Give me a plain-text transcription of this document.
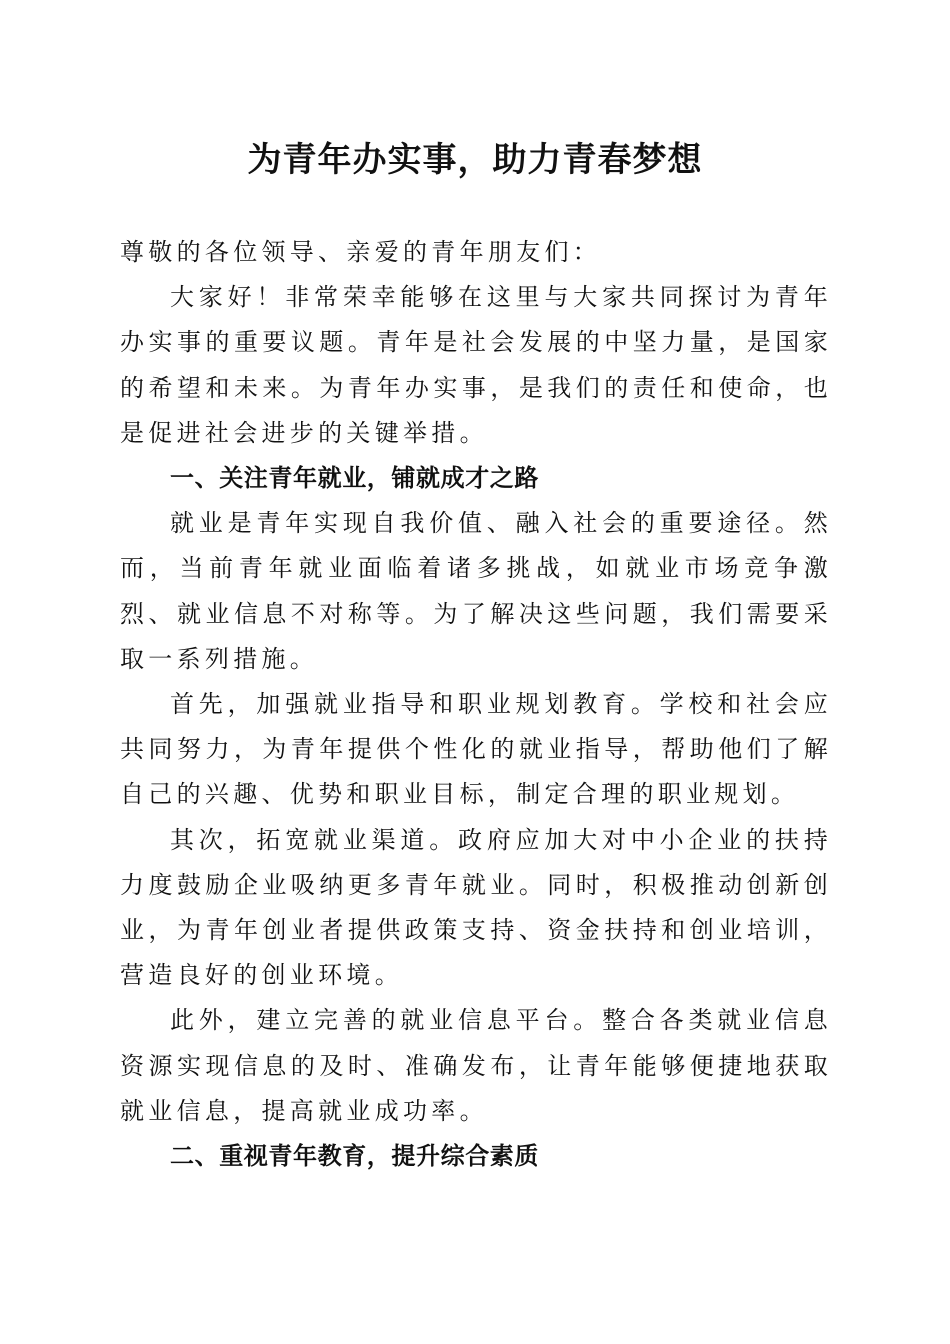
为青年办实事，助力青春梦想

尊敬的各位领导、亲爱的青年朋友们：

大家好！非常荣幸能够在这里与大家共同探讨为青年办实事的重要议题。青年是社会发展的中坚力量，是国家的希望和未来。为青年办实事，是我们的责任和使命，也是促进社会进步的关键举措。

一、关注青年就业，铺就成才之路

就业是青年实现自我价值、融入社会的重要途径。然而，当前青年就业面临着诸多挑战，如就业市场竞争激烈、就业信息不对称等。为了解决这些问题，我们需要采取一系列措施。

首先，加强就业指导和职业规划教育。学校和社会应共同努力，为青年提供个性化的就业指导，帮助他们了解自己的兴趣、优势和职业目标，制定合理的职业规划。

其次，拓宽就业渠道。政府应加大对中小企业的扶持力度鼓励企业吸纳更多青年就业。同时，积极推动创新创业，为青年创业者提供政策支持、资金扶持和创业培训，营造良好的创业环境。

此外，建立完善的就业信息平台。整合各类就业信息资源实现信息的及时、准确发布，让青年能够便捷地获取就业信息，提高就业成功率。

二、重视青年教育，提升综合素质
